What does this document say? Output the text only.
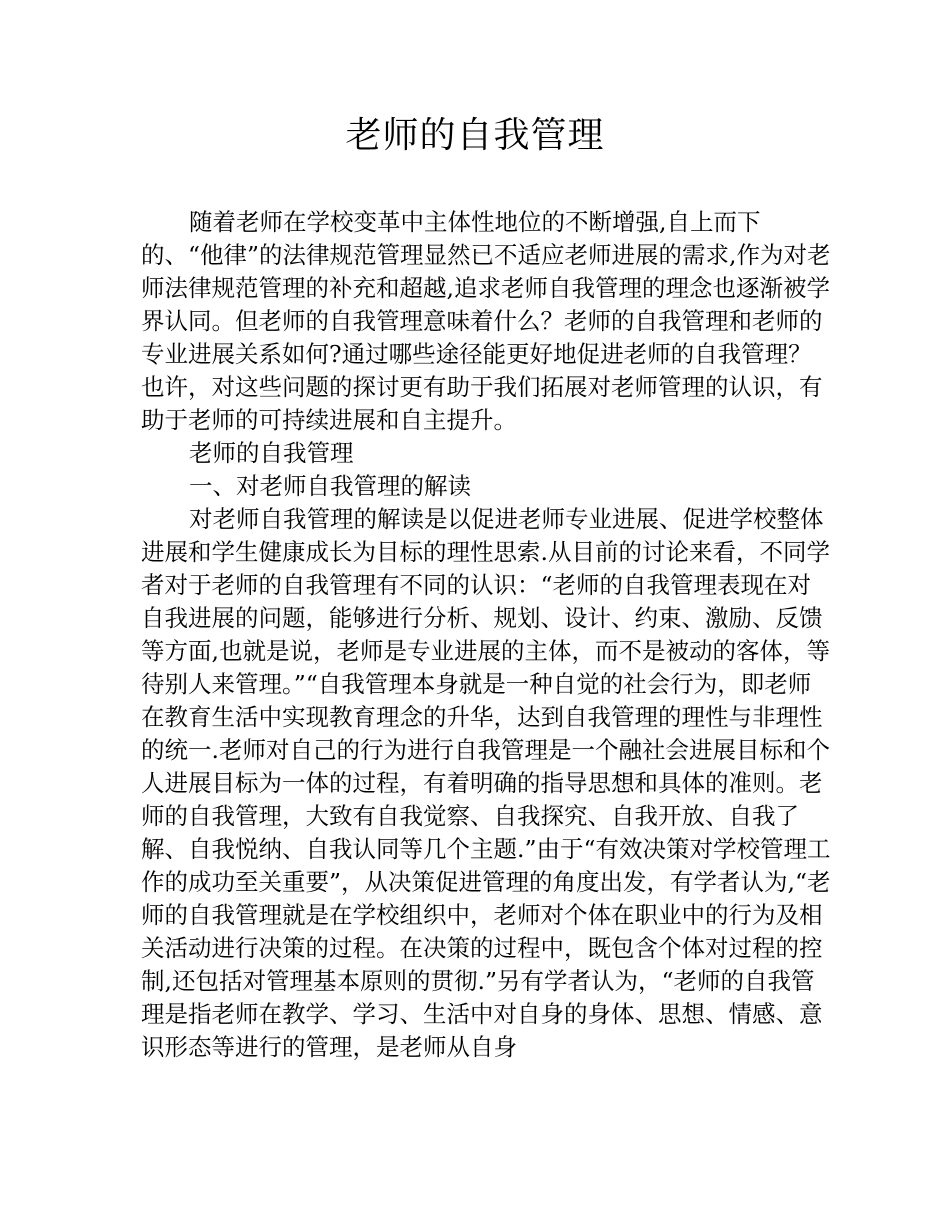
老师的自我管理

随着老师在学校变革中主体性地位的不断增强,自上而下的、“他律”的法律规范管理显然已不适应老师进展的需求,作为对老师法律规范管理的补充和超越,追求老师自我管理的理念也逐渐被学界认同。但老师的自我管理意味着什么？老师的自我管理和老师的专业进展关系如何?通过哪些途径能更好地促进老师的自我管理？也许，对这些问题的探讨更有助于我们拓展对老师管理的认识，有助于老师的可持续进展和自主提升。

老师的自我管理

一、对老师自我管理的解读

对老师自我管理的解读是以促进老师专业进展、促进学校整体进展和学生健康成长为目标的理性思索.从目前的讨论来看，不同学者对于老师的自我管理有不同的认识：“老师的自我管理表现在对自我进展的问题，能够进行分析、规划、设计、约束、激励、反馈等方面,也就是说，老师是专业进展的主体，而不是被动的客体，等待别人来管理。”“自我管理本身就是一种自觉的社会行为，即老师在教育生活中实现教育理念的升华，达到自我管理的理性与非理性的统一.老师对自己的行为进行自我管理是一个融社会进展目标和个人进展目标为一体的过程，有着明确的指导思想和具体的准则。老师的自我管理，大致有自我觉察、自我探究、自我开放、自我了解、自我悦纳、自我认同等几个主题.”由于“有效决策对学校管理工作的成功至关重要”，从决策促进管理的角度出发，有学者认为,“老师的自我管理就是在学校组织中，老师对个体在职业中的行为及相关活动进行决策的过程。在决策的过程中，既包含个体对过程的控制,还包括对管理基本原则的贯彻.”另有学者认为，“老师的自我管理是指老师在教学、学习、生活中对自身的身体、思想、情感、意识形态等进行的管理，是老师从自身
